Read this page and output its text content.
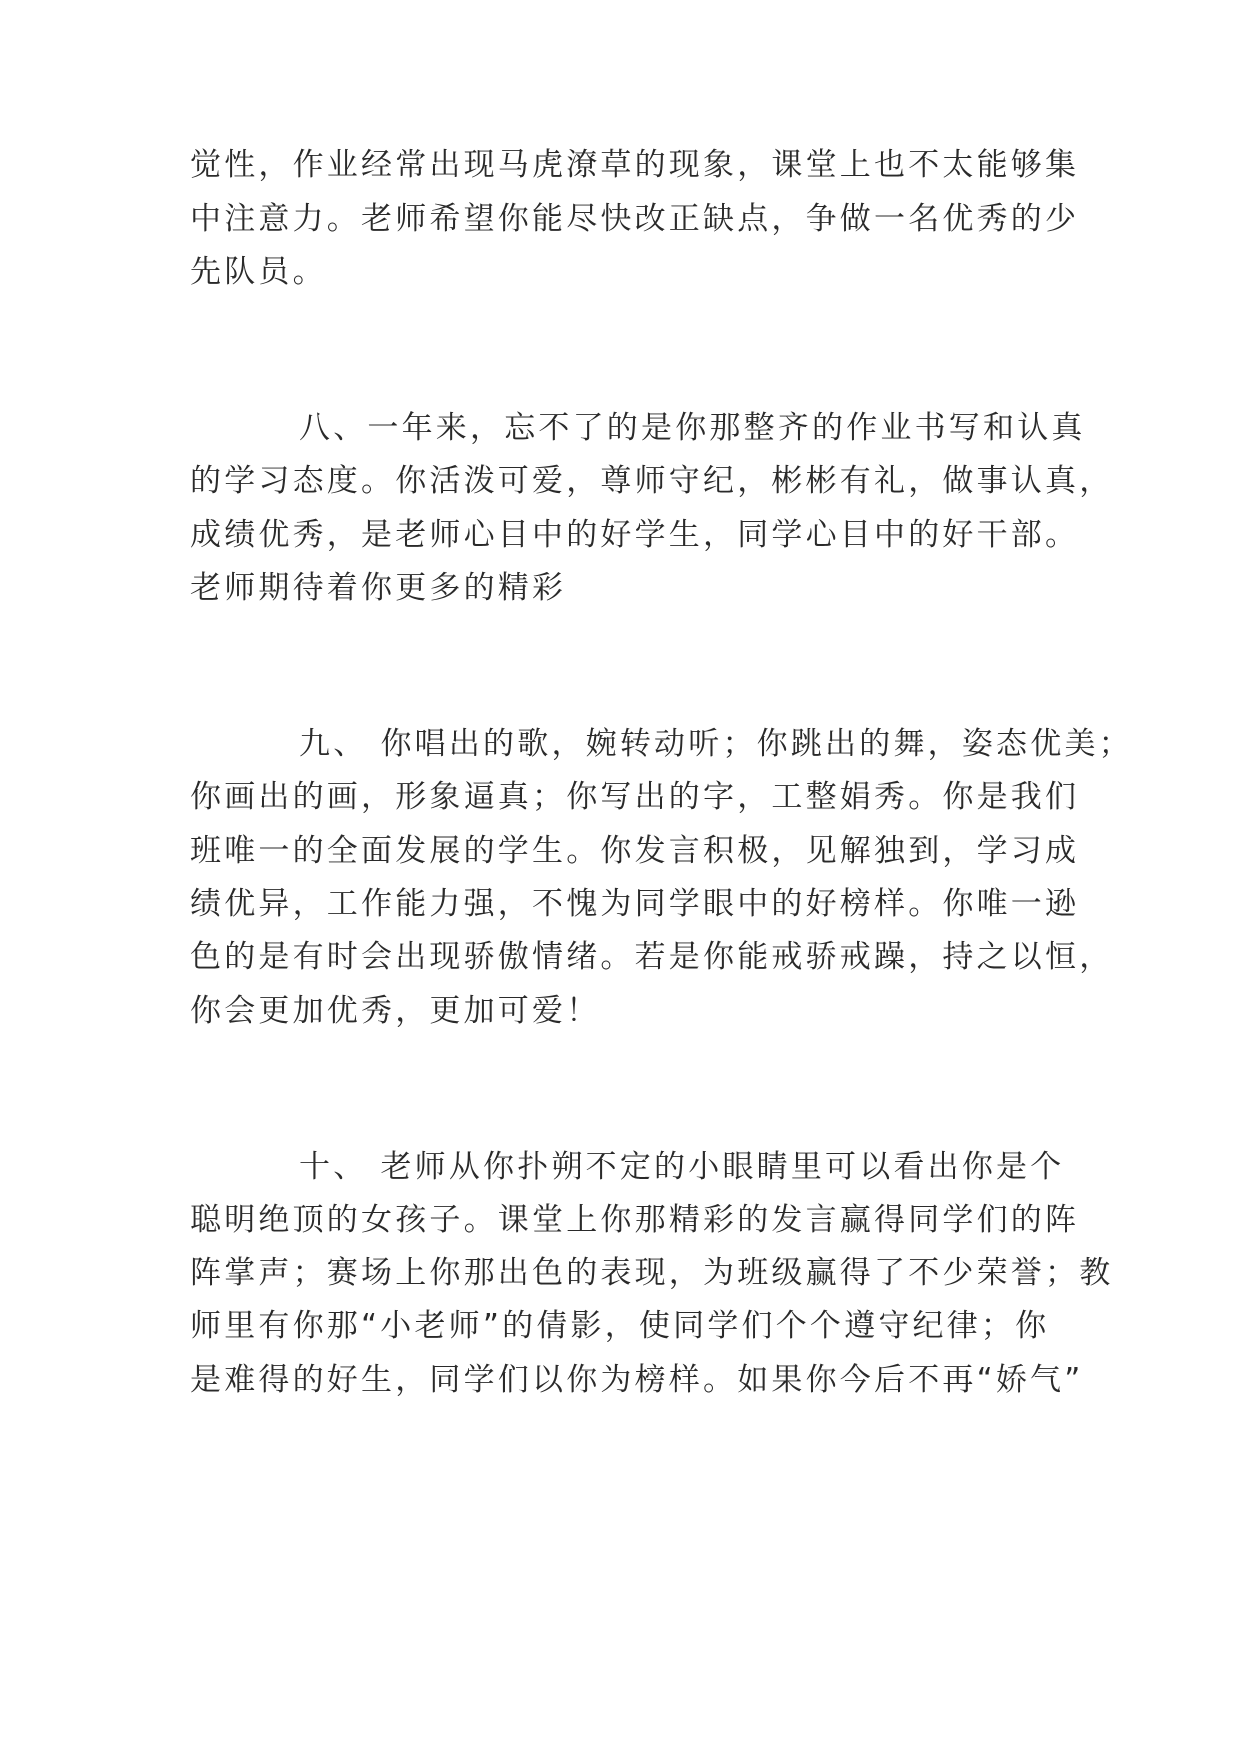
觉性，作业经常出现马虎潦草的现象，课堂上也不太能够集
中注意力。老师希望你能尽快改正缺点，争做一名优秀的少
先队员。
八、一年来，忘不了的是你那整齐的作业书写和认真
的学习态度。你活泼可爱，尊师守纪，彬彬有礼，做事认真，
成绩优秀，是老师心目中的好学生，同学心目中的好干部。
老师期待着你更多的精彩
九、 你唱出的歌，婉转动听；你跳出的舞，姿态优美；
你画出的画，形象逼真；你写出的字，工整娟秀。你是我们
班唯一的全面发展的学生。你发言积极，见解独到，学习成
绩优异，工作能力强，不愧为同学眼中的好榜样。你唯一逊
色的是有时会出现骄傲情绪。若是你能戒骄戒躁，持之以恒，
你会更加优秀，更加可爱！
十、 老师从你扑朔不定的小眼睛里可以看出你是个
聪明绝顶的女孩子。课堂上你那精彩的发言赢得同学们的阵
阵掌声；赛场上你那出色的表现，为班级赢得了不少荣誉；教
师里有你那“小老师”的倩影，使同学们个个遵守纪律；你
是难得的好生，同学们以你为榜样。如果你今后不再“娇气”
